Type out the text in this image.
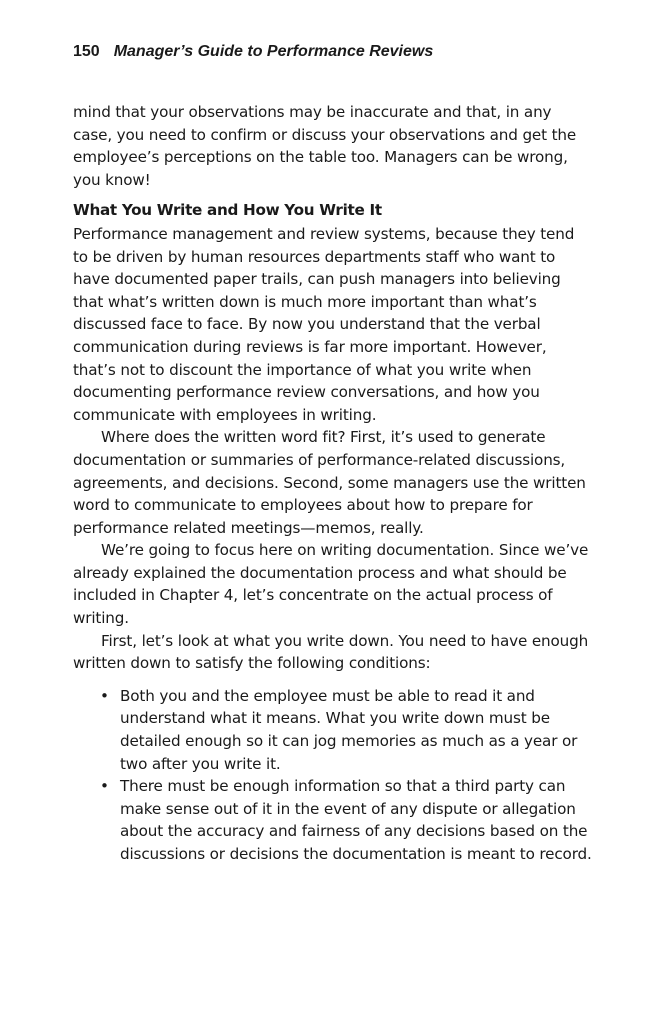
150 Manager’s Guide to Performance Reviews

mind that your observations may be inaccurate and that, in any case, you need to confirm or discuss your observations and get the employee’s perceptions on the table too. Managers can be wrong, you know!

What You Write and How You Write It

Performance management and review systems, because they tend to be driven by human resources departments staff who want to have documented paper trails, can push managers into believing that what’s written down is much more important than what’s discussed face to face. By now you understand that the verbal communication during reviews is far more important. However, that’s not to discount the importance of what you write when documenting performance review conversations, and how you communicate with employees in writing.

Where does the written word fit? First, it’s used to generate documentation or summaries of performance-related discussions, agreements, and decisions. Second, some managers use the written word to communicate to employees about how to prepare for performance related meetings—memos, really.

We’re going to focus here on writing documentation. Since we’ve already explained the documentation process and what should be included in Chapter 4, let’s concentrate on the actual process of writing.

First, let’s look at what you write down. You need to have enough written down to satisfy the following conditions:

• Both you and the employee must be able to read it and understand what it means. What you write down must be detailed enough so it can jog memories as much as a year or two after you write it.
• There must be enough information so that a third party can make sense out of it in the event of any dispute or allegation about the accuracy and fairness of any decisions based on the discussions or decisions the documentation is meant to record.
